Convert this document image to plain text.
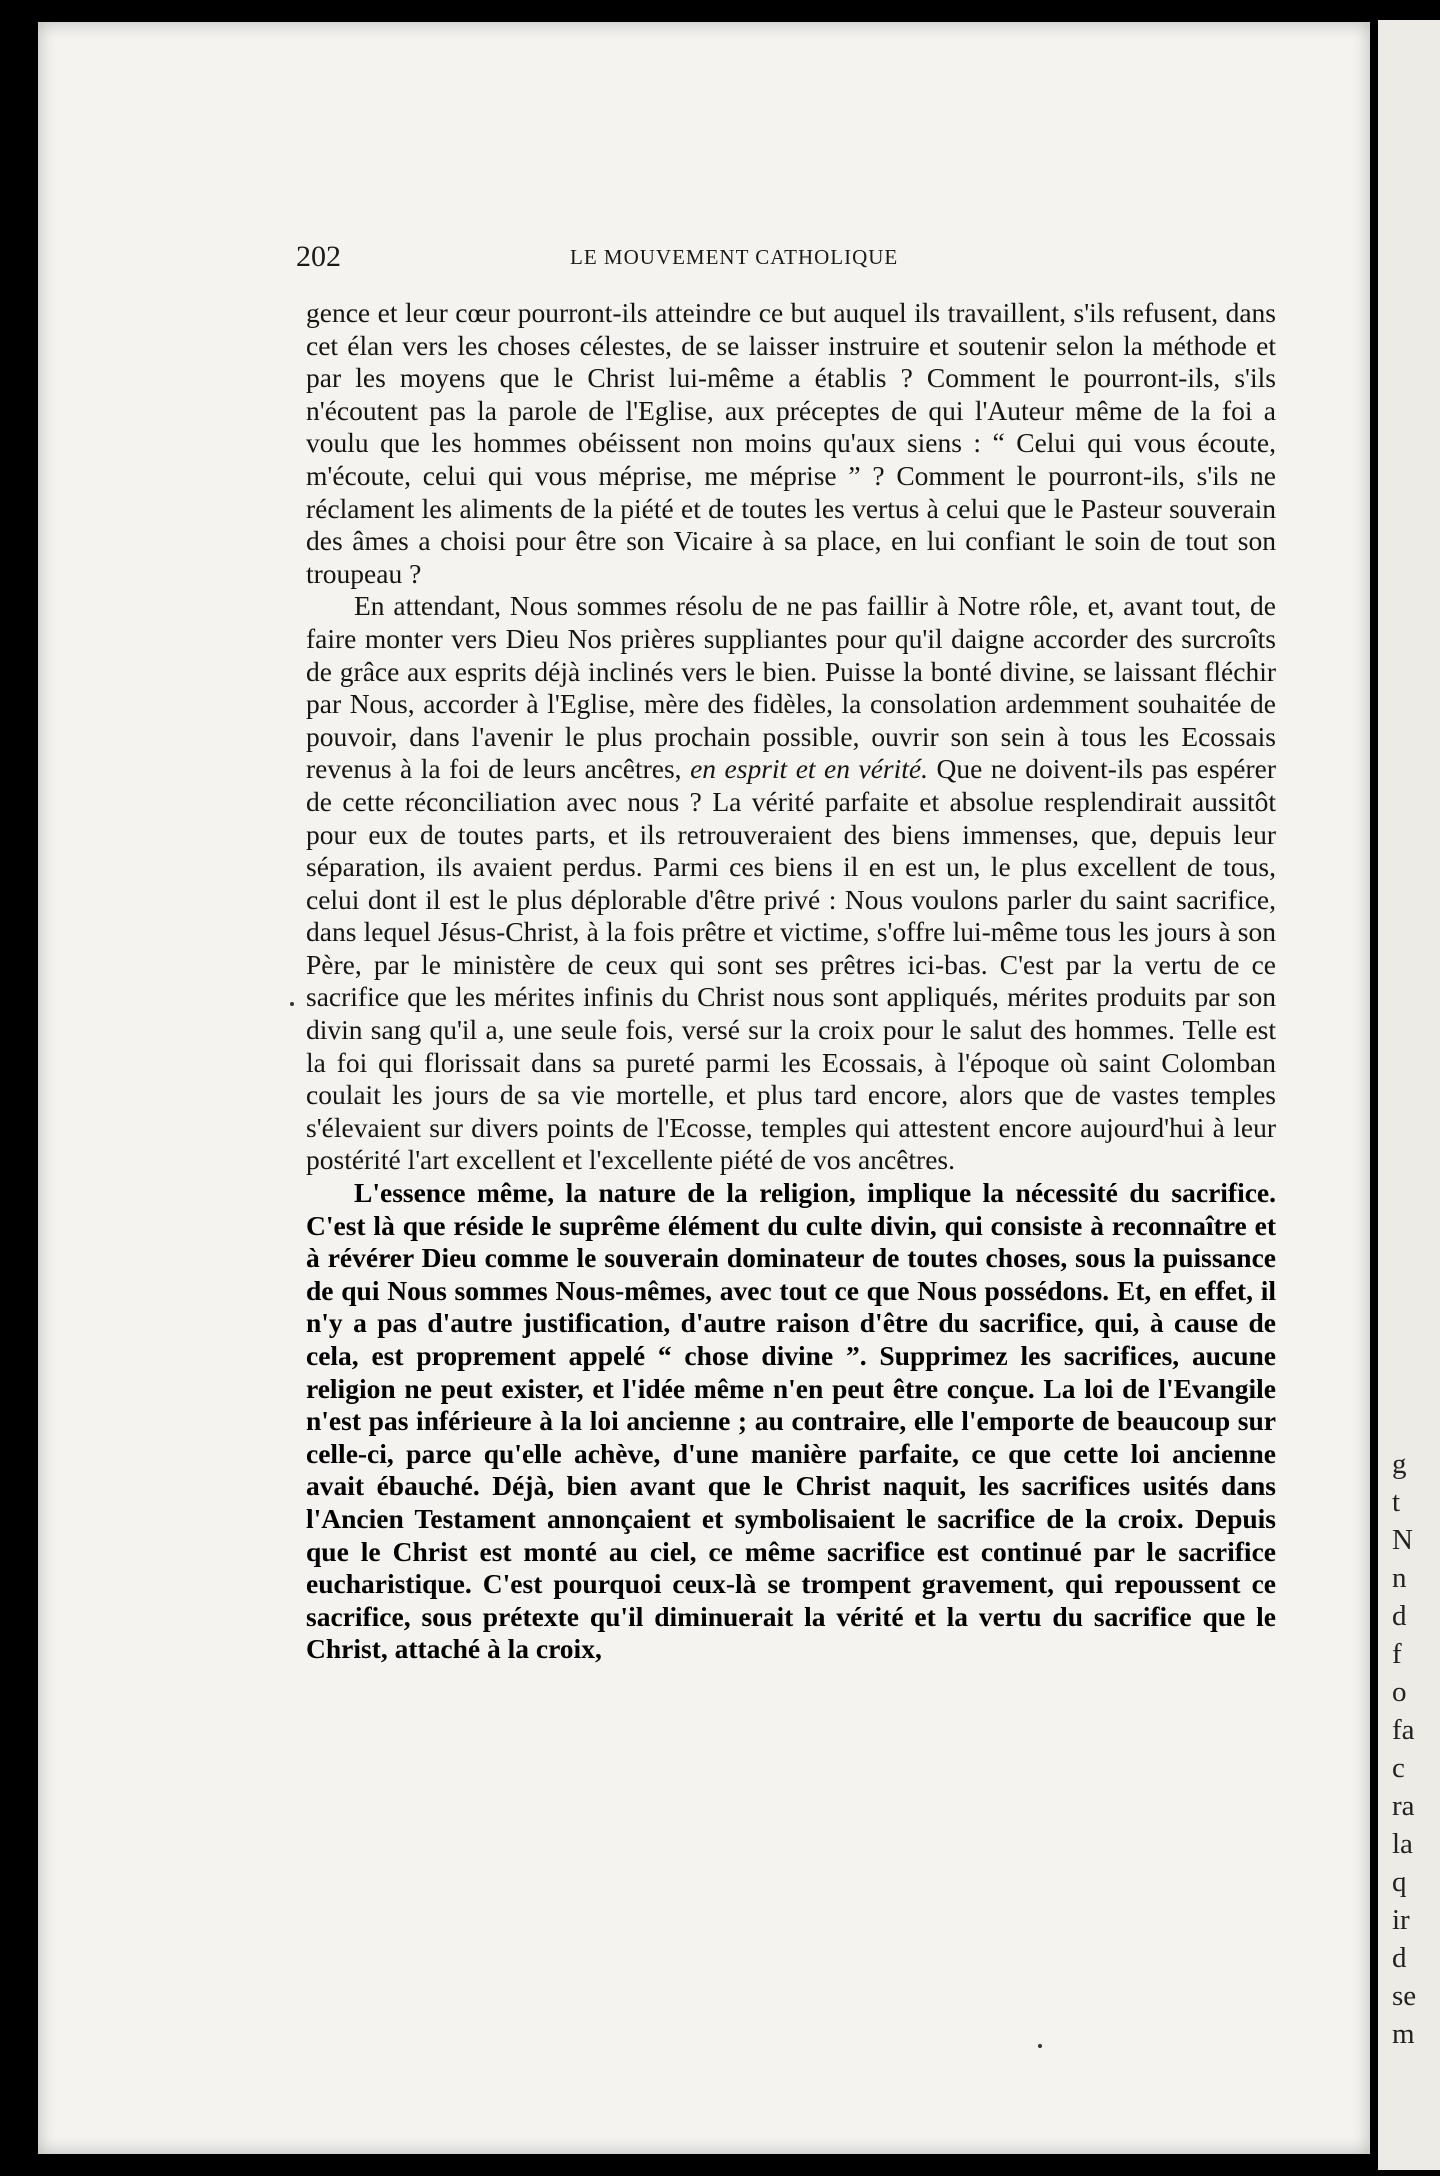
202	LE MOUVEMENT CATHOLIQUE

gence et leur cœur pourront-ils atteindre ce but auquel ils travaillent, s'ils refusent, dans cet élan vers les choses célestes, de se laisser instruire et soutenir selon la méthode et par les moyens que le Christ lui-même a établis ? Comment le pourront-ils, s'ils n'écoutent pas la parole de l'Eglise, aux préceptes de qui l'Auteur même de la foi a voulu que les hommes obéissent non moins qu'aux siens : “ Celui qui vous écoute, m'écoute, celui qui vous méprise, me méprise ” ? Comment le pourront-ils, s'ils ne réclament les aliments de la piété et de toutes les vertus à celui que le Pasteur souverain des âmes a choisi pour être son Vicaire à sa place, en lui confiant le soin de tout son troupeau ?

En attendant, Nous sommes résolu de ne pas faillir à Notre rôle, et, avant tout, de faire monter vers Dieu Nos prières suppliantes pour qu'il daigne accorder des surcroîts de grâce aux esprits déjà inclinés vers le bien. Puisse la bonté divine, se laissant fléchir par Nous, accorder à l'Eglise, mère des fidèles, la consolation ardemment souhaitée de pouvoir, dans l'avenir le plus prochain possible, ouvrir son sein à tous les Ecossais revenus à la foi de leurs ancêtres, en esprit et en vérité. Que ne doivent-ils pas espérer de cette réconciliation avec nous ? La vérité parfaite et absolue resplendirait aussitôt pour eux de toutes parts, et ils retrouveraient des biens immenses, que, depuis leur séparation, ils avaient perdus. Parmi ces biens il en est un, le plus excellent de tous, celui dont il est le plus déplorable d'être privé : Nous voulons parler du saint sacrifice, dans lequel Jésus-Christ, à la fois prêtre et victime, s'offre lui-même tous les jours à son Père, par le ministère de ceux qui sont ses prêtres ici-bas. C'est par la vertu de ce sacrifice que les mérites infinis du Christ nous sont appliqués, mérites produits par son divin sang qu'il a, une seule fois, versé sur la croix pour le salut des hommes. Telle est la foi qui florissait dans sa pureté parmi les Ecossais, à l'époque où saint Colomban coulait les jours de sa vie mortelle, et plus tard encore, alors que de vastes temples s'élevaient sur divers points de l'Ecosse, temples qui attestent encore aujourd'hui à leur postérité l'art excellent et l'excellente piété de vos ancêtres.

L'essence même, la nature de la religion, implique la nécessité du sacrifice. C'est là que réside le suprême élément du culte divin, qui consiste à reconnaître et à révérer Dieu comme le souverain dominateur de toutes choses, sous la puissance de qui Nous sommes Nous-mêmes, avec tout ce que Nous possédons. Et, en effet, il n'y a pas d'autre justification, d'autre raison d'être du sacrifice, qui, à cause de cela, est proprement appelé “ chose divine ”. Supprimez les sacrifices, aucune religion ne peut exister, et l'idée même n'en peut être conçue. La loi de l'Evangile n'est pas inférieure à la loi ancienne ; au contraire, elle l'emporte de beaucoup sur celle-ci, parce qu'elle achève, d'une manière parfaite, ce que cette loi ancienne avait ébauché. Déjà, bien avant que le Christ naquit, les sacrifices usités dans l'Ancien Testament annonçaient et symbolisaient le sacrifice de la croix. Depuis que le Christ est monté au ciel, ce même sacrifice est continué par le sacrifice eucharistique. C'est pourquoi ceux-là se trompent gravement, qui repoussent ce sacrifice, sous prétexte qu'il diminuerait la vérité et la vertu du sacrifice que le Christ, attaché à la croix,

g
t
N
n
d
f
o
fa
c
ra
la
q
ir
d
se
m
